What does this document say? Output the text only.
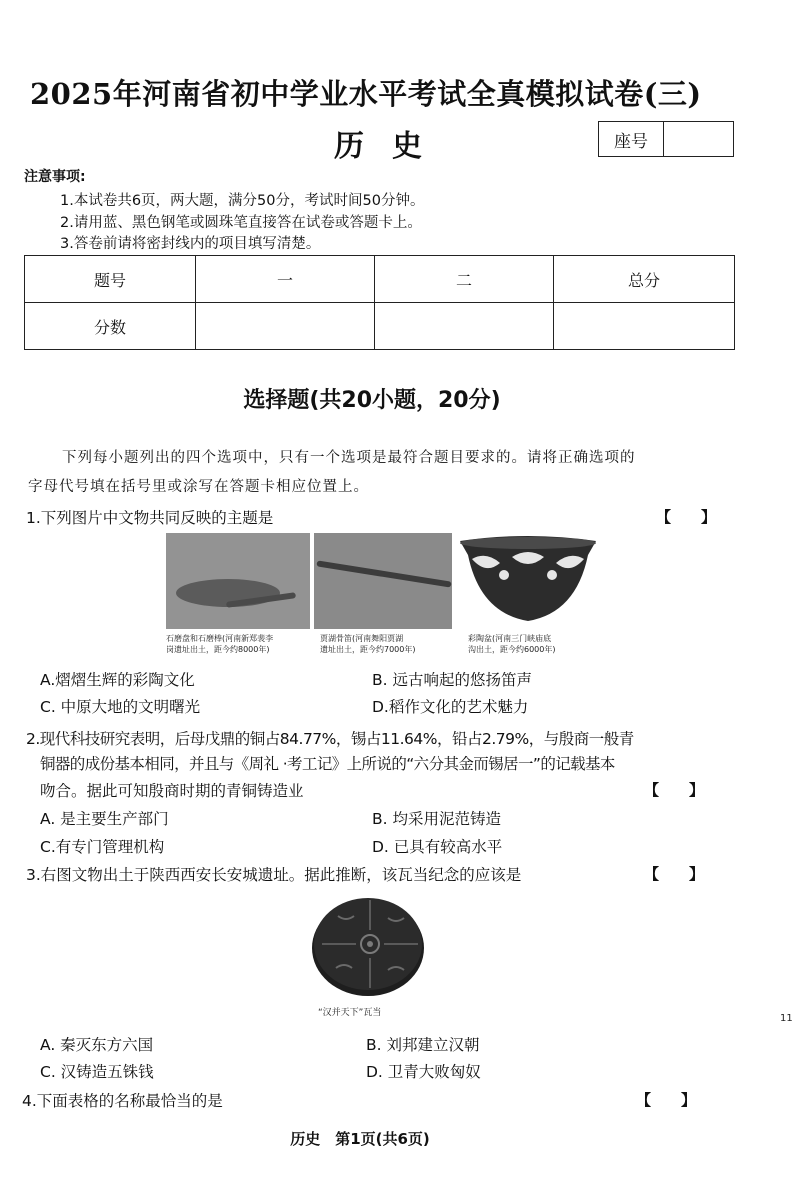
2025年河南省初中学业水平考试全真模拟试卷(三)
历史	座号
注意事项:
1.本试卷共6页，两大题，满分50分，考试时间50分钟。
2.请用蓝、黑色钢笔或圆珠笔直接答在试卷或答题卡上。
3.答卷前请将密封线内的项目填写清楚。
题号	一	二	总分
分数			
选择题(共20小题，20分)
下列每小题列出的四个选项中，只有一个选项是最符合题目要求的。请将正确选项的
字母代号填在括号里或涂写在答题卡相应位置上。
1.下列图片中文物共同反映的主题是	【　　】
石磨盘和石磨棒(河南新郑裴李
岗遗址出土，距今约8000年)
贾湖骨笛(河南舞阳贾湖
遗址出土，距今约7000年)
彩陶盆(河南三门峡庙底
沟出土，距今约6000年)
A.熠熠生辉的彩陶文化	B. 远古响起的悠扬笛声
C. 中原大地的文明曙光	D.稻作文化的艺术魅力
2.现代科技研究表明，后母戊鼎的铜占84.77%，锡占11.64%，铅占2.79%，与殷商一般青
铜器的成份基本相同，并且与《周礼 ·考工记》上所说的“六分其金而锡居一”的记载基本
吻合。据此可知殷商时期的青铜铸造业	【　　】
A. 是主要生产部门	B. 均采用泥范铸造
C.有专门管理机构	D. 已具有较高水平
3.右图文物出土于陕西西安长安城遗址。据此推断，该瓦当纪念的应该是	【　　】
“汉并天下”瓦当	11
A. 秦灭东方六国	B. 刘邦建立汉朝
C. 汉铸造五铢钱	D. 卫青大败匈奴
4.下面表格的名称最恰当的是	【　　】
历史　第1页(共6页)
